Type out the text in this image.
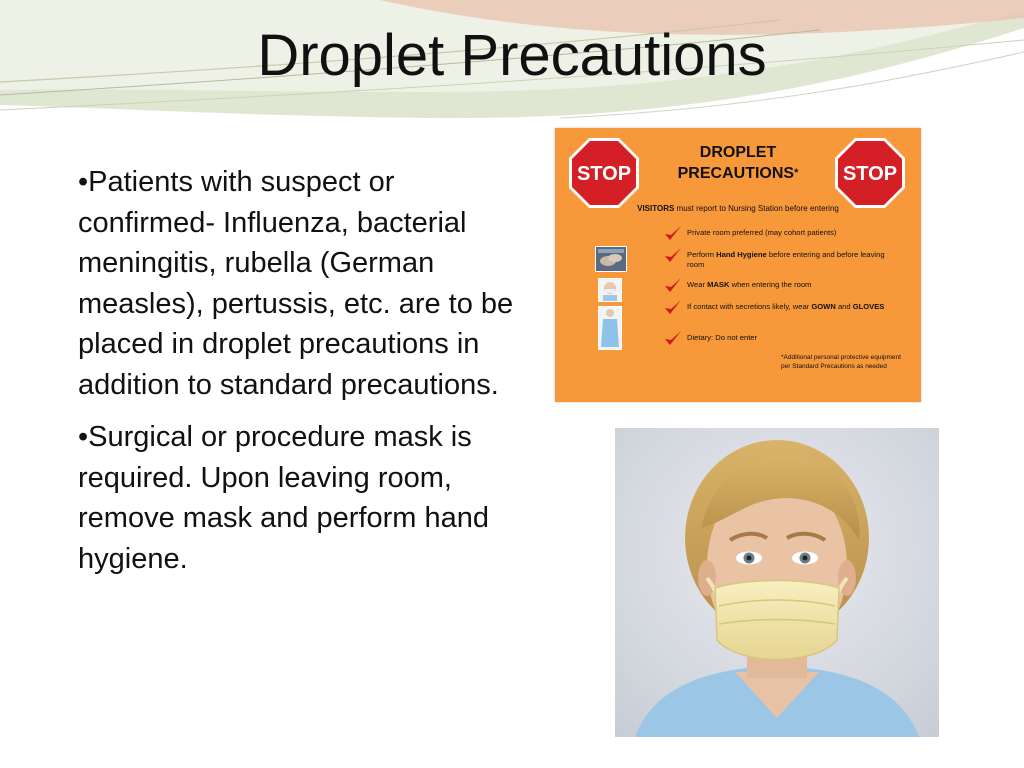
Droplet Precautions

•Patients with suspect or confirmed- Influenza, bacterial meningitis, rubella (German measles), pertussis, etc. are to be placed in droplet precautions in addition to standard precautions.

•Surgical or procedure mask is required. Upon leaving room, remove mask and perform hand hygiene.

STOP	STOP
DROPLET
PRECAUTIONS*
VISITORS must report to Nursing Station before entering
Private room preferred (may cohort patients)
Perform Hand Hygiene before entering and before leaving room
Wear MASK when entering the room
If contact with secretions likely, wear GOWN and GLOVES
Dietary: Do not enter
*Additional personal protective equipment per Standard Precautions as needed
